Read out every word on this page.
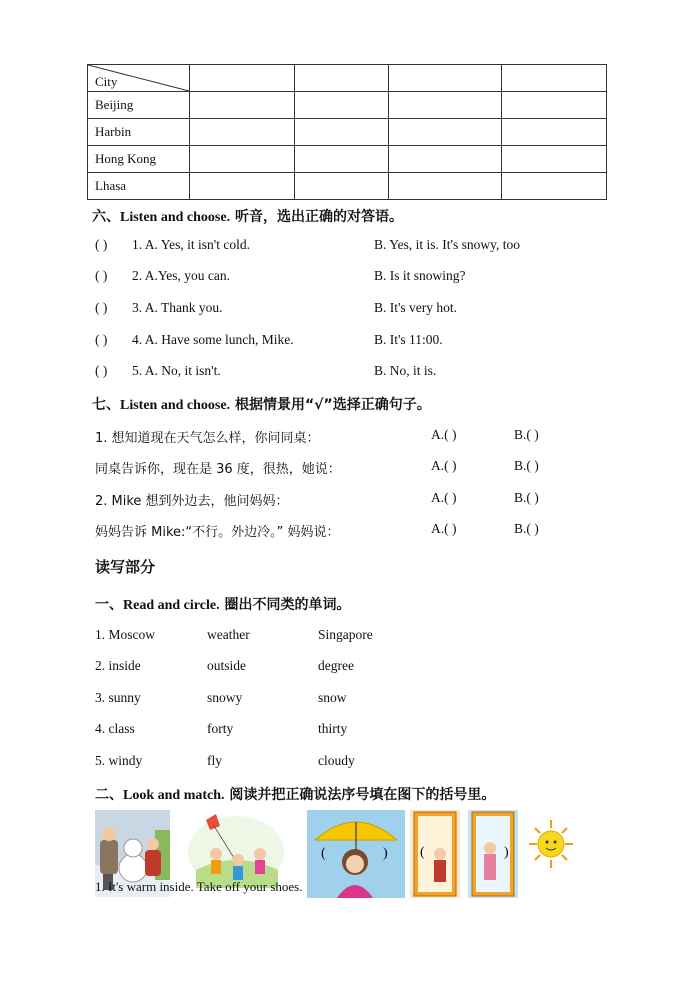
City				
Beijing				
Harbin				
Hong Kong				
Lhasa				
六、Listen and choose. 听音，选出正确的对答语。
( ) 1. A. Yes, it isn't cold.	B. Yes, it is. It's snowy, too
( ) 2. A.Yes, you can.	B. Is it snowing?
( ) 3. A. Thank you.	B. It's very hot.
( ) 4. A. Have some lunch, Mike.	B. It's 11:00.
( ) 5. A. No, it isn't.	B. No, it is.
七、Listen and choose. 根据情景用“√”选择正确句子。
1. 想知道现在天气怎么样，你问同桌：	A.( )	B.( )
同桌告诉你，现在是 36 度，很热，她说：	A.( )	B.( )
2. Mike 想到外边去，他问妈妈：	A.( )	B.( )
妈妈告诉 Mike:“不行。外边冷。” 妈妈说：	A.( )	B.( )
读写部分
一、Read and circle. 圈出不同类的单词。
1. Moscow	weather	Singapore
2. inside	outside	degree
3. sunny	snowy	snow
4. class	forty	thirty
5. windy	fly	cloudy
二、Look and match. 阅读并把正确说法序号填在图下的括号里。
(	) (	)
1. It's warm inside. Take off your shoes.
